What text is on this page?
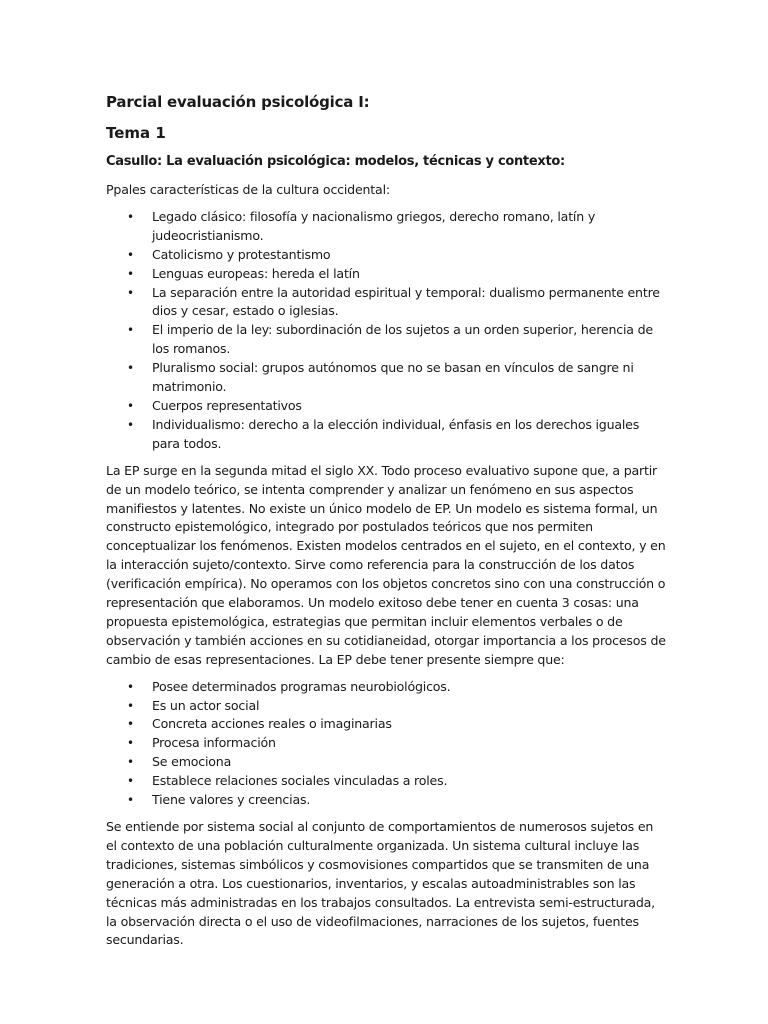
Parcial evaluación psicológica I:
Tema 1
Casullo: La evaluación psicológica: modelos, técnicas y contexto:

Ppales características de la cultura occidental:

• Legado clásico: filosofía y nacionalismo griegos, derecho romano, latín y judeocristianismo.
• Catolicismo y protestantismo
• Lenguas europeas: hereda el latín
• La separación entre la autoridad espiritual y temporal: dualismo permanente entre dios y cesar, estado o iglesias.
• El imperio de la ley: subordinación de los sujetos a un orden superior, herencia de los romanos.
• Pluralismo social: grupos autónomos que no se basan en vínculos de sangre ni matrimonio.
• Cuerpos representativos
• Individualismo: derecho a la elección individual, énfasis en los derechos iguales para todos.

La EP surge en la segunda mitad el siglo XX. Todo proceso evaluativo supone que, a partir de un modelo teórico, se intenta comprender y analizar un fenómeno en sus aspectos manifiestos y latentes. No existe un único modelo de EP. Un modelo es sistema formal, un constructo epistemológico, integrado por postulados teóricos que nos permiten conceptualizar los fenómenos. Existen modelos centrados en el sujeto, en el contexto, y en la interacción sujeto/contexto. Sirve como referencia para la construcción de los datos (verificación empírica). No operamos con los objetos concretos sino con una construcción o representación que elaboramos. Un modelo exitoso debe tener en cuenta 3 cosas: una propuesta epistemológica, estrategias que permitan incluir elementos verbales o de observación y también acciones en su cotidianeidad, otorgar importancia a los procesos de cambio de esas representaciones. La EP debe tener presente siempre que:

• Posee determinados programas neurobiológicos.
• Es un actor social
• Concreta acciones reales o imaginarias
• Procesa información
• Se emociona
• Establece relaciones sociales vinculadas a roles.
• Tiene valores y creencias.

Se entiende por sistema social al conjunto de comportamientos de numerosos sujetos en el contexto de una población culturalmente organizada. Un sistema cultural incluye las tradiciones, sistemas simbólicos y cosmovisiones compartidos que se transmiten de una generación a otra. Los cuestionarios, inventarios, y escalas autoadministrables son las técnicas más administradas en los trabajos consultados. La entrevista semi-estructurada, la observación directa o el uso de videofilmaciones, narraciones de los sujetos, fuentes secundarias.
